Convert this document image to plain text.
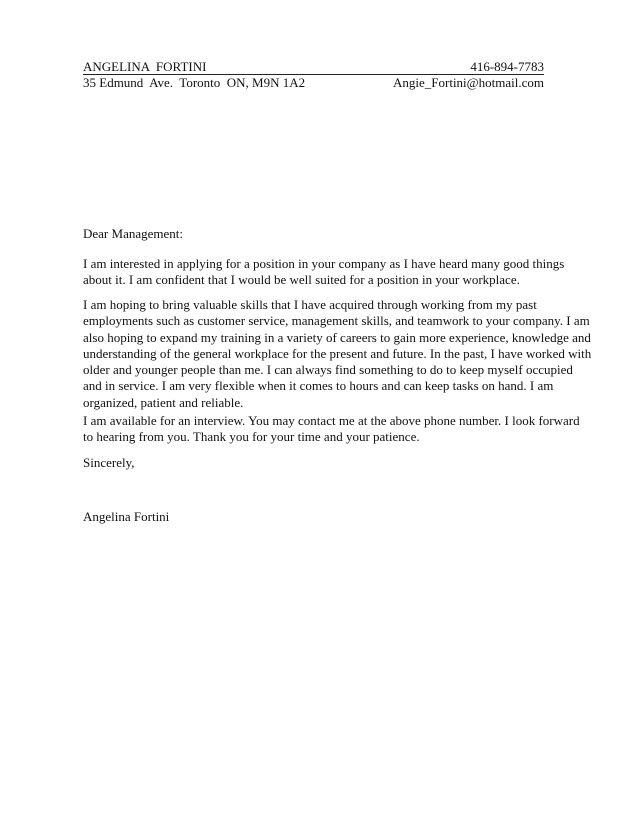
ANGELINA  FORTINI	416-894-7783
35 Edmund  Ave.  Toronto  ON, M9N 1A2	Angie_Fortini@hotmail.com
Dear Management:
I am interested in applying for a position in your company as I have heard many good things
about it. I am confident that I would be well suited for a position in your workplace.
I am hoping to bring valuable skills that I have acquired through working from my past
employments such as customer service, management skills, and teamwork to your company. I am
also hoping to expand my training in a variety of careers to gain more experience, knowledge and
understanding of the general workplace for the present and future. In the past, I have worked with
older and younger people than me. I can always find something to do to keep myself occupied
and in service. I am very flexible when it comes to hours and can keep tasks on hand. I am
organized, patient and reliable.
I am available for an interview. You may contact me at the above phone number. I look forward
to hearing from you. Thank you for your time and your patience.
Sincerely,
Angelina Fortini
